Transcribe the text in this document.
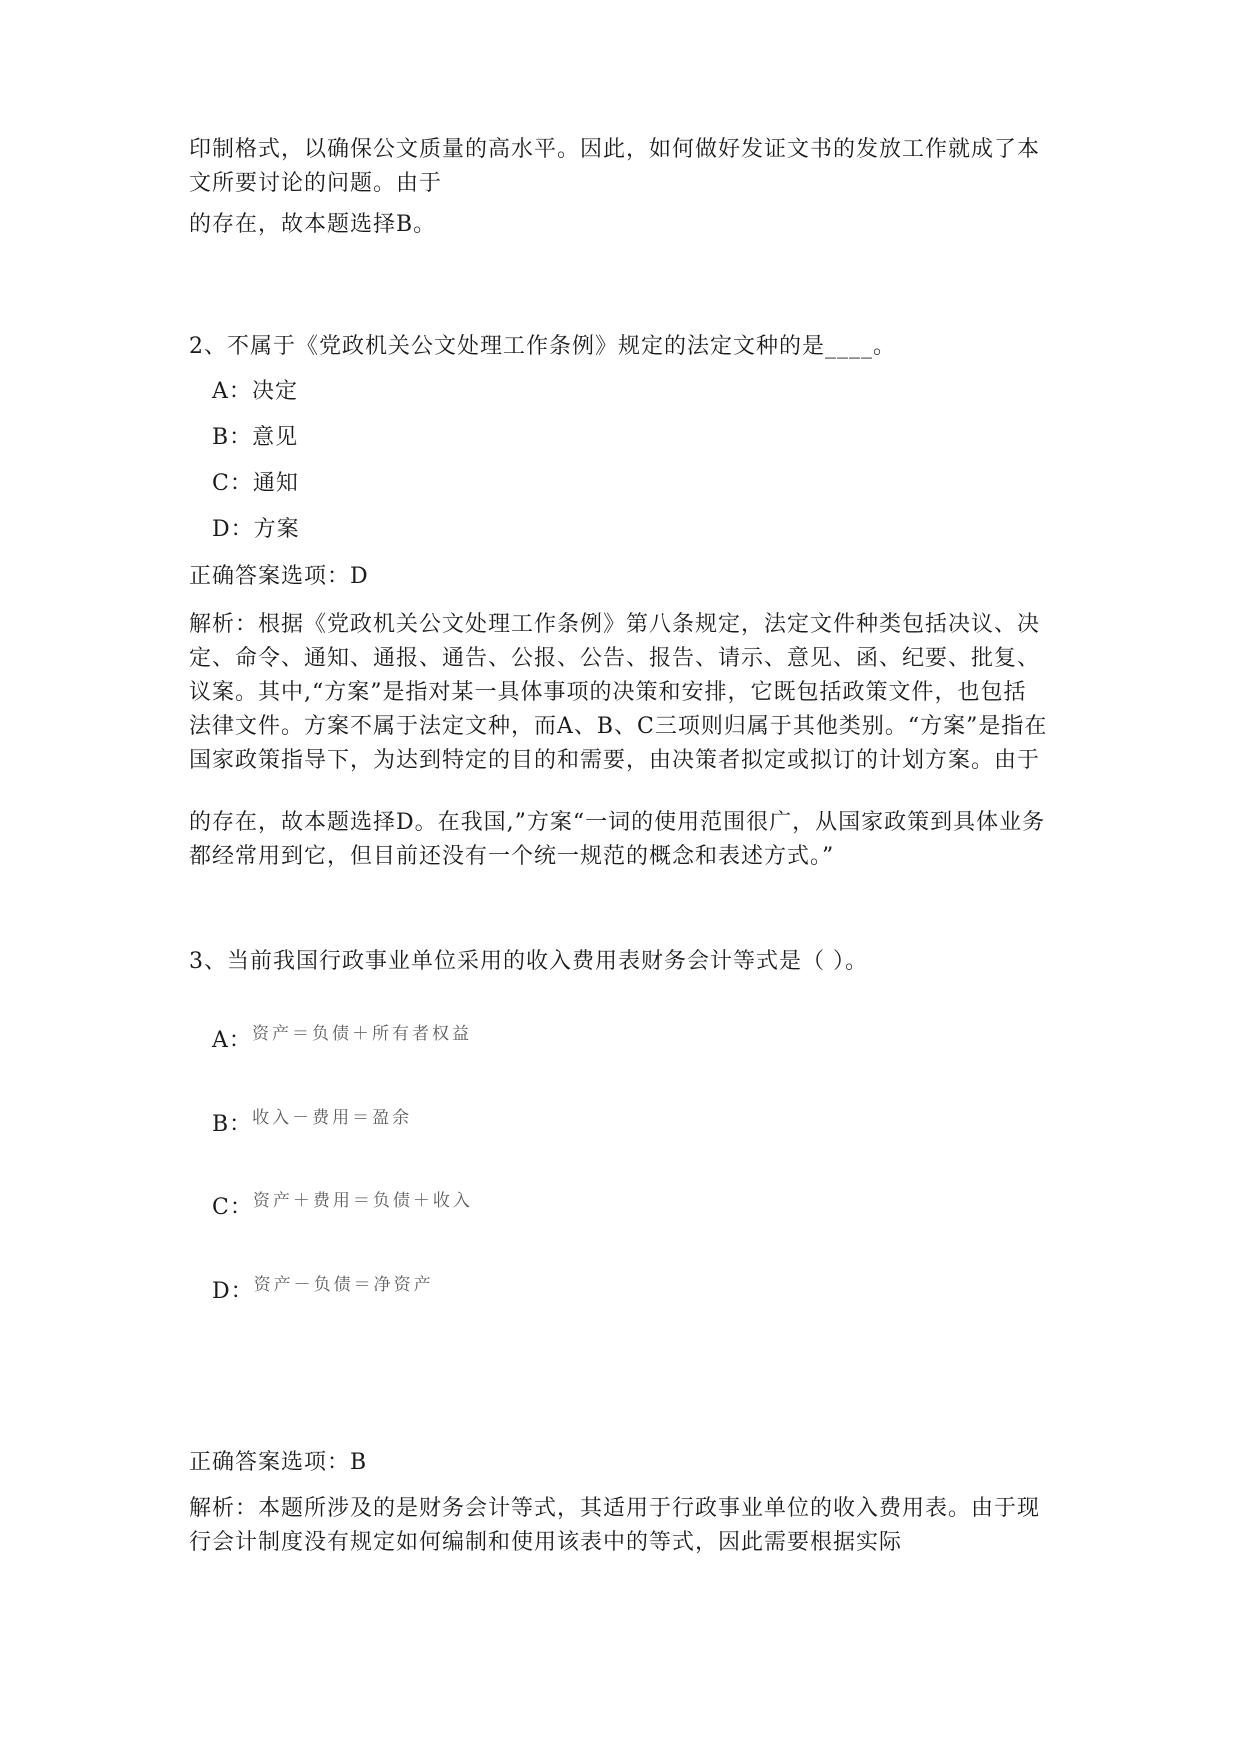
印制格式，以确保公文质量的高水平。因此，如何做好发证文书的发放工作就成了本文所要讨论的问题。由于

的存在，故本题选择B。

2、不属于《党政机关公文处理工作条例》规定的法定文种的是____。

A：决定
B：意见
C：通知
D：方案

正确答案选项：D

解析：根据《党政机关公文处理工作条例》第八条规定，法定文件种类包括决议、决定、命令、通知、通报、通告、公报、公告、报告、请示、意见、函、纪要、批复、议案。其中,“方案”是指对某一具体事项的决策和安排，它既包括政策文件，也包括法律文件。方案不属于法定文种，而A、B、C三项则归属于其他类别。“方案”是指在国家政策指导下，为达到特定的目的和需要，由决策者拟定或拟订的计划方案。由于

的存在，故本题选择D。在我国,”方案“一词的使用范围很广，从国家政策到具体业务都经常用到它，但目前还没有一个统一规范的概念和表述方式。”

3、当前我国行政事业单位采用的收入费用表财务会计等式是（ ）。

A：$^{资产=负债+所有者权益}$
B：$^{收入-费用=盈余}$
C：$^{资产+费用=负债+收入}$
D：$^{资产-负债=净资产}$

正确答案选项：B

解析：本题所涉及的是财务会计等式，其适用于行政事业单位的收入费用表。由于现行会计制度没有规定如何编制和使用该表中的等式，因此需要根据实际
